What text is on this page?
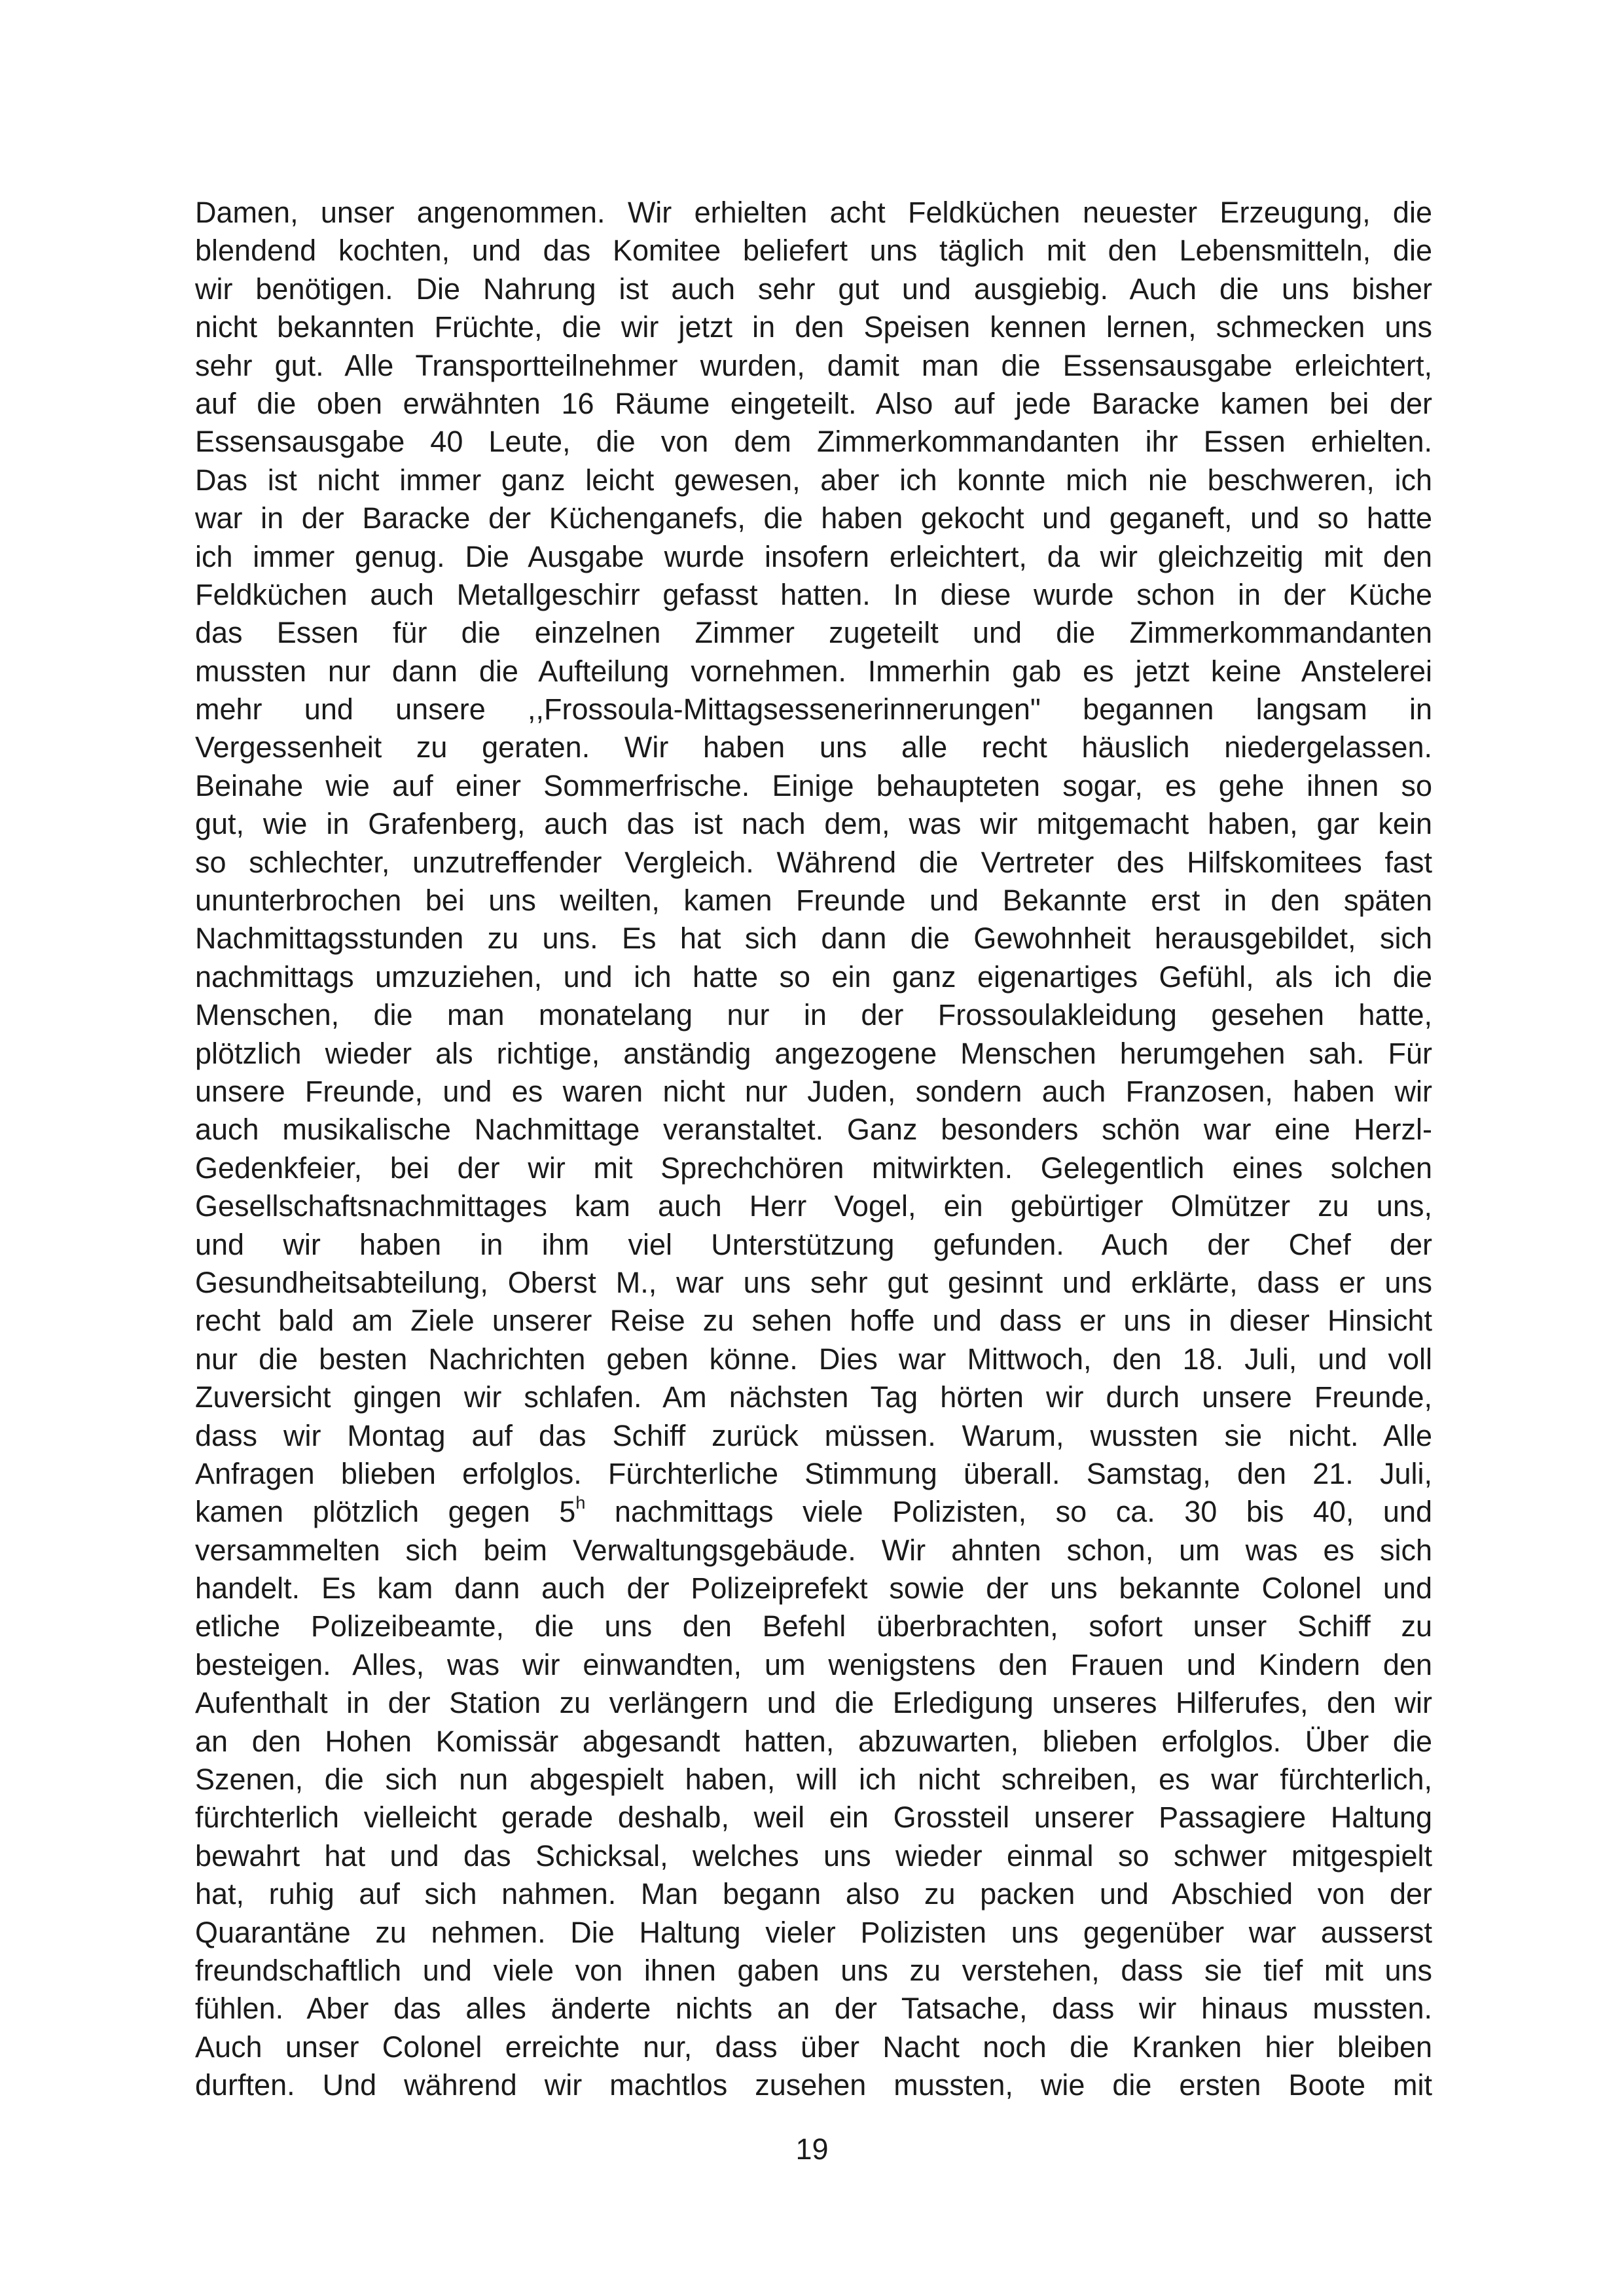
Damen, unser angenommen. Wir erhielten acht Feldküchen neuester Erzeugung, die
blendend kochten, und das Komitee beliefert uns täglich mit den Lebensmitteln, die
wir benötigen. Die Nahrung ist auch sehr gut und ausgiebig. Auch die uns bisher
nicht bekannten Früchte, die wir jetzt in den Speisen kennen lernen, schmecken uns
sehr gut. Alle Transportteilnehmer wurden, damit man die Essensausgabe erleichtert,
auf die oben erwähnten 16 Räume eingeteilt. Also auf jede Baracke kamen bei der
Essensausgabe 40 Leute, die von dem Zimmerkommandanten ihr Essen erhielten.
Das ist nicht immer ganz leicht gewesen, aber ich konnte mich nie beschweren, ich
war in der Baracke der Küchenganefs, die haben gekocht und geganeft, und so hatte
ich immer genug. Die Ausgabe wurde insofern erleichtert, da wir gleichzeitig mit den
Feldküchen auch Metallgeschirr gefasst hatten. In diese wurde schon in der Küche
das Essen für die einzelnen Zimmer zugeteilt und die Zimmerkommandanten
mussten nur dann die Aufteilung vornehmen. Immerhin gab es jetzt keine Anstelerei
mehr und unsere ,,Frossoula-Mittagsessenerinnerungen" begannen langsam in
Vergessenheit zu geraten. Wir haben uns alle recht häuslich niedergelassen.
Beinahe wie auf einer Sommerfrische. Einige behaupteten sogar, es gehe ihnen so
gut, wie in Grafenberg, auch das ist nach dem, was wir mitgemacht haben, gar kein
so schlechter, unzutreffender Vergleich. Während die Vertreter des Hilfskomitees fast
ununterbrochen bei uns weilten, kamen Freunde und Bekannte erst in den späten
Nachmittagsstunden zu uns. Es hat sich dann die Gewohnheit herausgebildet, sich
nachmittags umzuziehen, und ich hatte so ein ganz eigenartiges Gefühl, als ich die
Menschen, die man monatelang nur in der Frossoulakleidung gesehen hatte,
plötzlich wieder als richtige, anständig angezogene Menschen herumgehen sah. Für
unsere Freunde, und es waren nicht nur Juden, sondern auch Franzosen, haben wir
auch musikalische Nachmittage veranstaltet. Ganz besonders schön war eine Herzl-
Gedenkfeier, bei der wir mit Sprechchören mitwirkten. Gelegentlich eines solchen
Gesellschaftsnachmittages kam auch Herr Vogel, ein gebürtiger Olmützer zu uns,
und wir haben in ihm viel Unterstützung gefunden. Auch der Chef der
Gesundheitsabteilung, Oberst M., war uns sehr gut gesinnt und erklärte, dass er uns
recht bald am Ziele unserer Reise zu sehen hoffe und dass er uns in dieser Hinsicht
nur die besten Nachrichten geben könne. Dies war Mittwoch, den 18. Juli, und voll
Zuversicht gingen wir schlafen. Am nächsten Tag hörten wir durch unsere Freunde,
dass wir Montag auf das Schiff zurück müssen. Warum, wussten sie nicht. Alle
Anfragen blieben erfolglos. Fürchterliche Stimmung überall. Samstag, den 21. Juli,
kamen plötzlich gegen 5$^h$ nachmittags viele Polizisten, so ca. 30 bis 40, und
versammelten sich beim Verwaltungsgebäude. Wir ahnten schon, um was es sich
handelt. Es kam dann auch der Polizeiprefekt sowie der uns bekannte Colonel und
etliche Polizeibeamte, die uns den Befehl überbrachten, sofort unser Schiff zu
besteigen. Alles, was wir einwandten, um wenigstens den Frauen und Kindern den
Aufenthalt in der Station zu verlängern und die Erledigung unseres Hilferufes, den wir
an den Hohen Komissär abgesandt hatten, abzuwarten, blieben erfolglos. Über die
Szenen, die sich nun abgespielt haben, will ich nicht schreiben, es war fürchterlich,
fürchterlich vielleicht gerade deshalb, weil ein Grossteil unserer Passagiere Haltung
bewahrt hat und das Schicksal, welches uns wieder einmal so schwer mitgespielt
hat, ruhig auf sich nahmen. Man begann also zu packen und Abschied von der
Quarantäne zu nehmen. Die Haltung vieler Polizisten uns gegenüber war ausserst
freundschaftlich und viele von ihnen gaben uns zu verstehen, dass sie tief mit uns
fühlen. Aber das alles änderte nichts an der Tatsache, dass wir hinaus mussten.
Auch unser Colonel erreichte nur, dass über Nacht noch die Kranken hier bleiben
durften. Und während wir machtlos zusehen mussten, wie die ersten Boote mit
19
